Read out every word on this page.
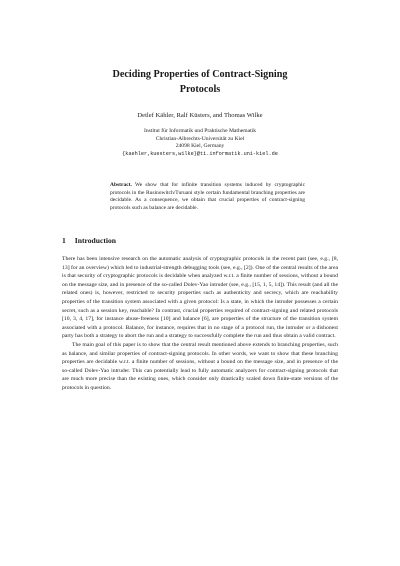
Deciding Properties of Contract-Signing
Protocols
Detlef Kähler, Ralf Küsters, and Thomas Wilke
Institut für Informatik und Praktische Mathematik
Christian-Albrechts-Universität zu Kiel
24098 Kiel, Germany
{kaehler,kuesters,wilke}@ti.informatik.uni-kiel.de
Abstract. We show that for infinite transition systems induced by cryptographic protocols in the Rusinowitch/Turuani style certain fundamental branching properties are decidable. As a consequence, we obtain that crucial properties of contract-signing protocols such as balance are decidable.
1 Introduction

There has been intensive research on the automatic analysis of cryptographic protocols in the recent past (see, e.g., [8, 13] for an overview) which led to industrial-strength debugging tools (see, e.g., [2]). One of the central results of the area is that security of cryptographic protocols is decidable when analyzed w.r.t. a finite number of sessions, without a bound on the message size, and in presence of the so-called Dolev-Yao intruder (see, e.g., [15, 1, 5, 14]). This result (and all the related ones) is, however, restricted to security properties such as authenticity and secrecy, which are reachability properties of the transition system associated with a given protocol: Is a state, in which the intruder possesses a certain secret, such as a session key, reachable? In contrast, crucial properties required of contract-signing and related protocols [10, 3, 4, 17], for instance abuse-freeness [10] and balance [6], are properties of the structure of the transition system associated with a protocol. Balance, for instance, requires that in no stage of a protocol run, the intruder or a dishonest party has both a strategy to abort the run and a strategy to successfully complete the run and thus obtain a valid contract.

The main goal of this paper is to show that the central result mentioned above extends to branching properties, such as balance, and similar properties of contract-signing protocols. In other words, we want to show that these branching properties are decidable w.r.t. a finite number of sessions, without a bound on the message size, and in presence of the so-called Dolev-Yao intruder. This can potentially lead to fully automatic analyzers for contract-signing protocols that are much more precise than the existing ones, which consider only drastically scaled down finite-state versions of the protocols in question.
